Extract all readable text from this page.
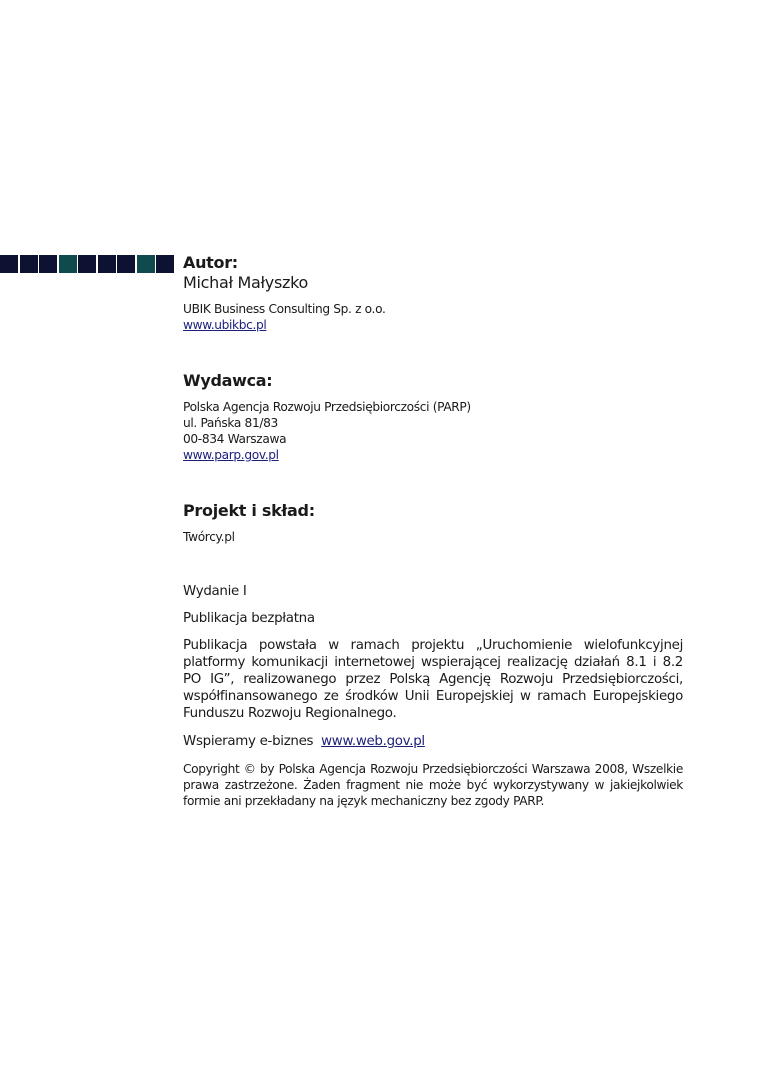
Autor:
Michał Małyszko
UBIK Business Consulting Sp. z o.o.
www.ubikbc.pl
Wydawca:
Polska Agencja Rozwoju Przedsiębiorczości (PARP)
ul. Pańska 81/83
00-834 Warszawa
www.parp.gov.pl
Projekt i skład:
Twórcy.pl
Wydanie I
Publikacja bezpłatna

Publikacja powstała w ramach projektu „Uruchomienie wielofunkcyjnej platformy komunikacji internetowej wspierającej realizację działań 8.1 i 8.2 PO IG”, realizowanego przez Polską Agencję Rozwoju Przedsiębiorczości, współfinansowanego ze środków Unii Europejskiej w ramach Europejskiego Funduszu Rozwoju Regionalnego.

Wspieramy e-biznes www.web.gov.pl

Copyright © by Polska Agencja Rozwoju Przedsiębiorczości Warszawa 2008, Wszelkie prawa zastrzeżone. Żaden fragment nie może być wykorzystywany w jakiejkolwiek formie ani przekładany na język mechaniczny bez zgody PARP.
